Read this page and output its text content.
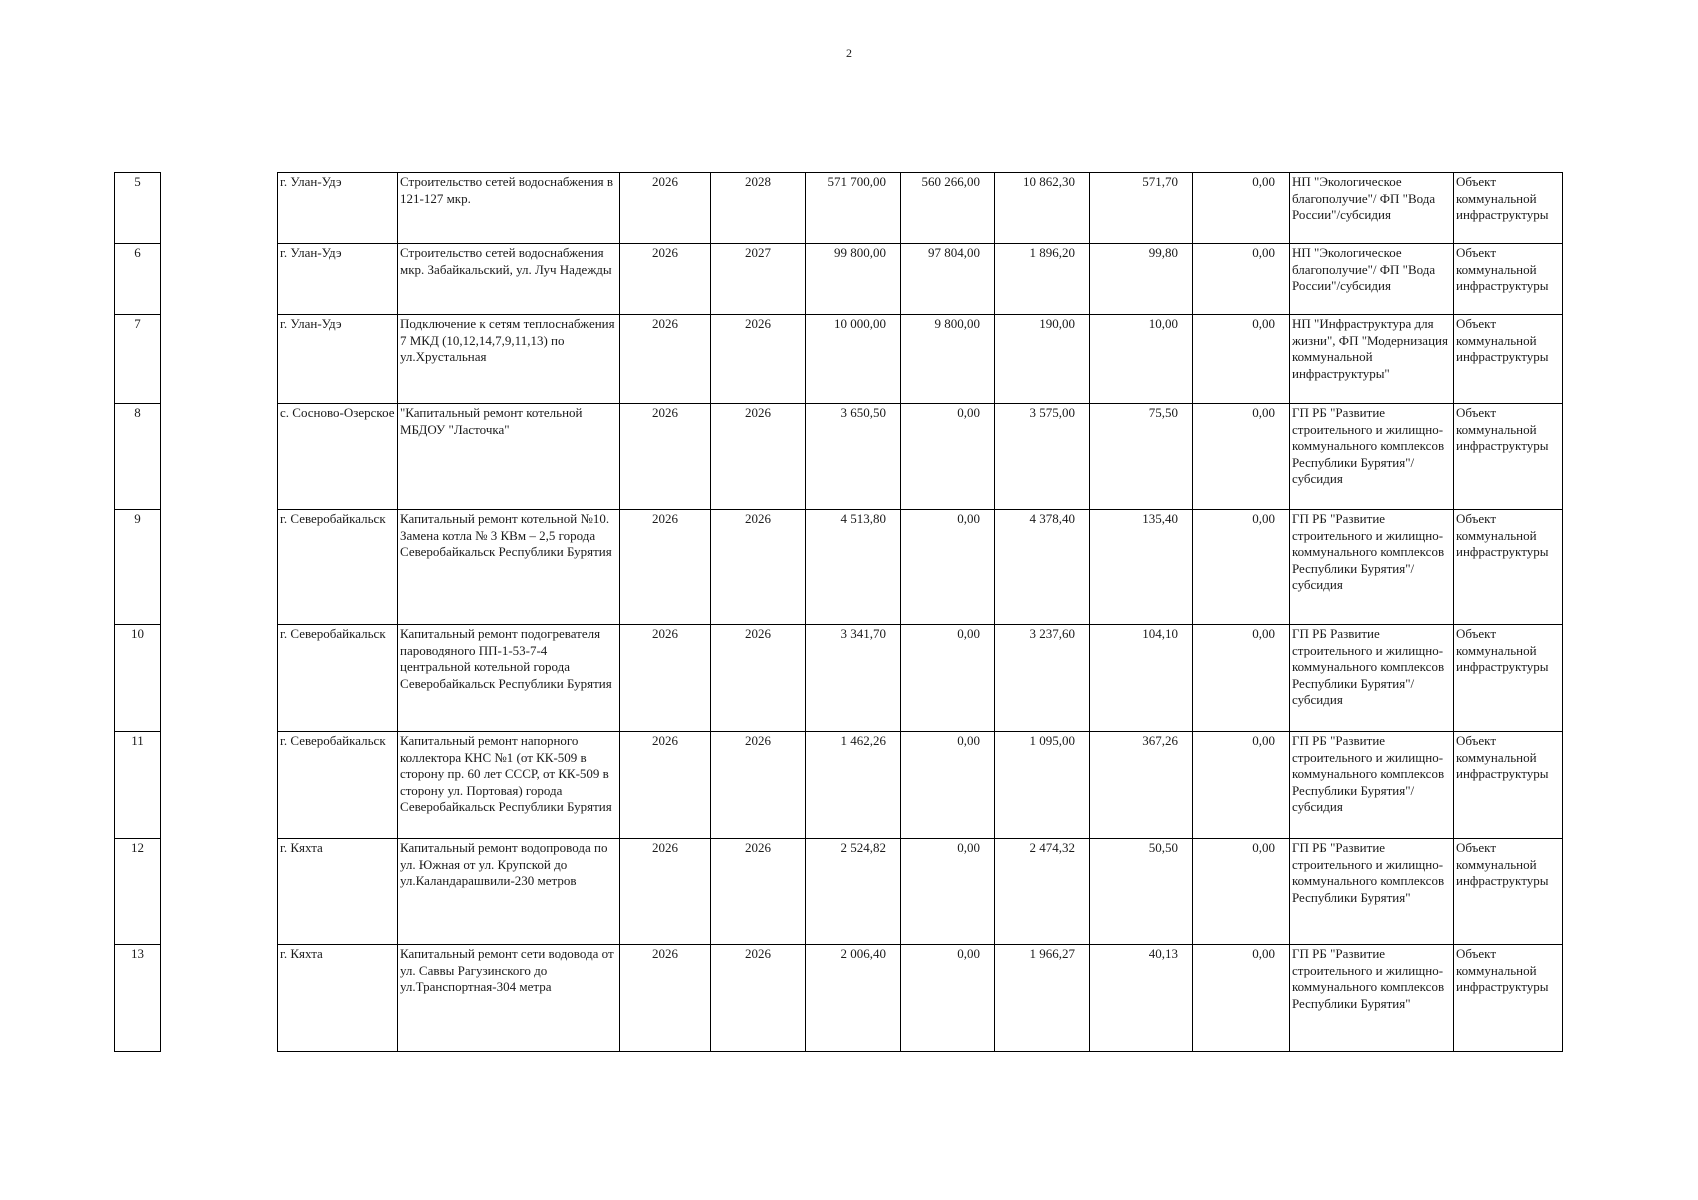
2
5		г. Улан-Удэ	Строительство сетей водоснабжения в 121-127 мкр.	2026	2028	571 700,00	560 266,00	10 862,30	571,70	0,00	НП "Экологическое благополучие"/ ФП "Вода России"/субсидия	Объект коммунальной инфраструктуры
6		г. Улан-Удэ	Строительство сетей водоснабжения мкр. Забайкальский, ул. Луч Надежды	2026	2027	99 800,00	97 804,00	1 896,20	99,80	0,00	НП "Экологическое благополучие"/ ФП "Вода России"/субсидия	Объект коммунальной инфраструктуры
7		г. Улан-Удэ	Подключение к сетям теплоснабжения 7 МКД (10,12,14,7,9,11,13) по ул.Хрустальная	2026	2026	10 000,00	9 800,00	190,00	10,00	0,00	НП "Инфраструктура для жизни", ФП "Модернизация коммунальной инфраструктуры"	Объект коммунальной инфраструктуры
8		с. Сосново-Озерское	"Капитальный ремонт котельной МБДОУ "Ласточка"	2026	2026	3 650,50	0,00	3 575,00	75,50	0,00	ГП РБ "Развитие строительного и жилищно-коммунального комплексов Республики Бурятия"/субсидия	Объект коммунальной инфраструктуры
9		г. Северобайкальск	Капитальный ремонт котельной №10. Замена котла № 3 КВм – 2,5 города Северобайкальск Республики Бурятия	2026	2026	4 513,80	0,00	4 378,40	135,40	0,00	ГП РБ "Развитие строительного и жилищно-коммунального комплексов Республики Бурятия"/субсидия	Объект коммунальной инфраструктуры
10		г. Северобайкальск	Капитальный ремонт подогревателя пароводяного ПП-1-53-7-4 центральной котельной города Северобайкальск Республики Бурятия	2026	2026	3 341,70	0,00	3 237,60	104,10	0,00	ГП РБ Развитие строительного и жилищно-коммунального комплексов Республики Бурятия"/субсидия	Объект коммунальной инфраструктуры
11		г. Северобайкальск	Капитальный ремонт напорного коллектора КНС №1 (от КК-509 в сторону пр. 60 лет СССР, от КК-509 в сторону ул. Портовая) города Северобайкальск Республики Бурятия	2026	2026	1 462,26	0,00	1 095,00	367,26	0,00	ГП РБ "Развитие строительного и жилищно-коммунального комплексов Республики Бурятия"/субсидия	Объект коммунальной инфраструктуры
12		г. Кяхта	Капитальный ремонт водопровода по ул. Южная от ул. Крупской до ул.Каландарашвили-230 метров	2026	2026	2 524,82	0,00	2 474,32	50,50	0,00	ГП РБ "Развитие строительного и жилищно-коммунального комплексов Республики Бурятия"	Объект коммунальной инфраструктуры
13		г. Кяхта	Капитальный ремонт сети водовода от ул. Саввы Рагузинского до ул.Транспортная-304 метра	2026	2026	2 006,40	0,00	1 966,27	40,13	0,00	ГП РБ "Развитие строительного и жилищно-коммунального комплексов Республики Бурятия"	Объект коммунальной инфраструктуры
